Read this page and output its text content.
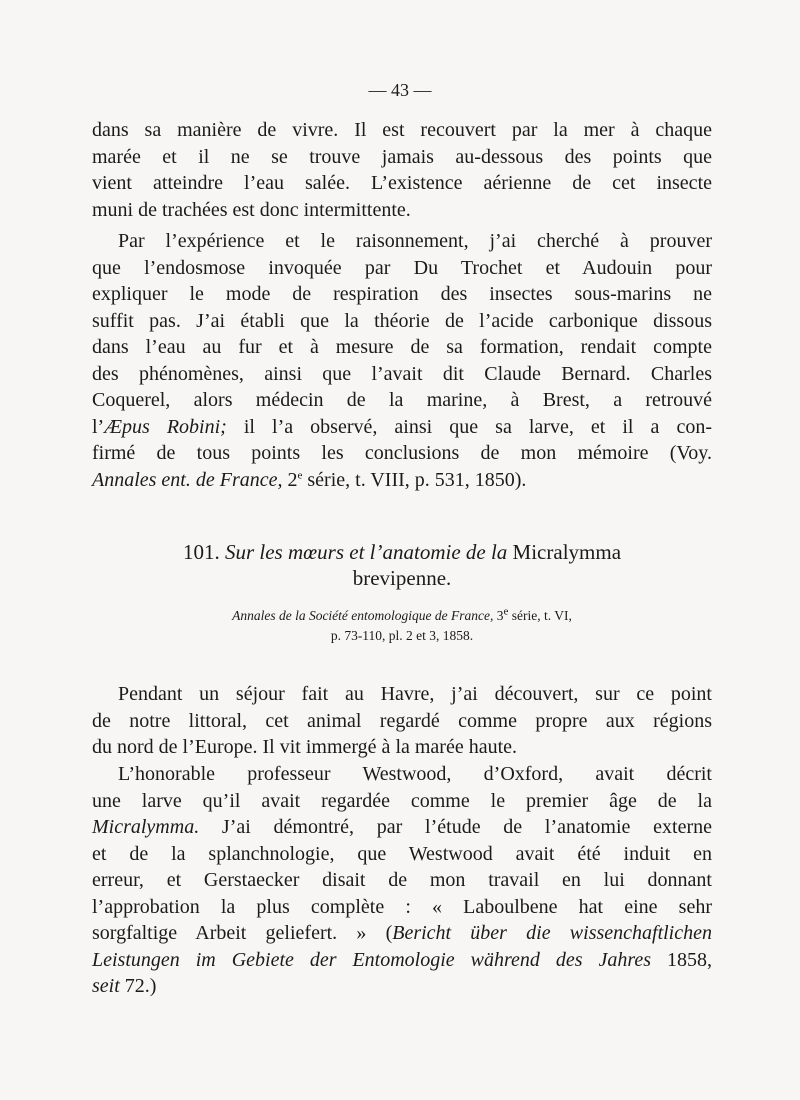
— 43 —
dans sa manière de vivre. Il est recouvert par la mer à chaque
marée et il ne se trouve jamais au-dessous des points que
vient atteindre l’eau salée. L’existence aérienne de cet insecte
muni de trachées est donc intermittente.
Par l’expérience et le raisonnement, j’ai cherché à prouver
que l’endosmose invoquée par Du Trochet et Audouin pour
expliquer le mode de respiration des insectes sous-marins ne
suffit pas. J’ai établi que la théorie de l’acide carbonique dissous
dans l’eau au fur et à mesure de sa formation, rendait compte
des phénomènes, ainsi que l’avait dit Claude Bernard. Charles
Coquerel, alors médecin de la marine, à Brest, a retrouvé
l’Æpus Robini; il l’a observé, ainsi que sa larve, et il a con-
firmé de tous points les conclusions de mon mémoire (Voy.
Annales ent. de France, 2e série, t. VIII, p. 531, 1850).
101. Sur les mœurs et l’anatomie de la Micralymma
brevipenne.
Annales de la Société entomologique de France, 3e série, t. VI,
p. 73-110, pl. 2 et 3, 1858.
Pendant un séjour fait au Havre, j’ai découvert, sur ce point
de notre littoral, cet animal regardé comme propre aux régions
du nord de l’Europe. Il vit immergé à la marée haute.
L’honorable professeur Westwood, d’Oxford, avait décrit
une larve qu’il avait regardée comme le premier âge de la
Micralymma. J’ai démontré, par l’étude de l’anatomie externe
et de la splanchnologie, que Westwood avait été induit en
erreur, et Gerstaecker disait de mon travail en lui donnant
l’approbation la plus complète : « Laboulbene hat eine sehr
sorgfaltige Arbeit geliefert. » (Bericht über die wissenchaftlichen
Leistungen im Gebiete der Entomologie während des Jahres 1858,
seit 72.)
